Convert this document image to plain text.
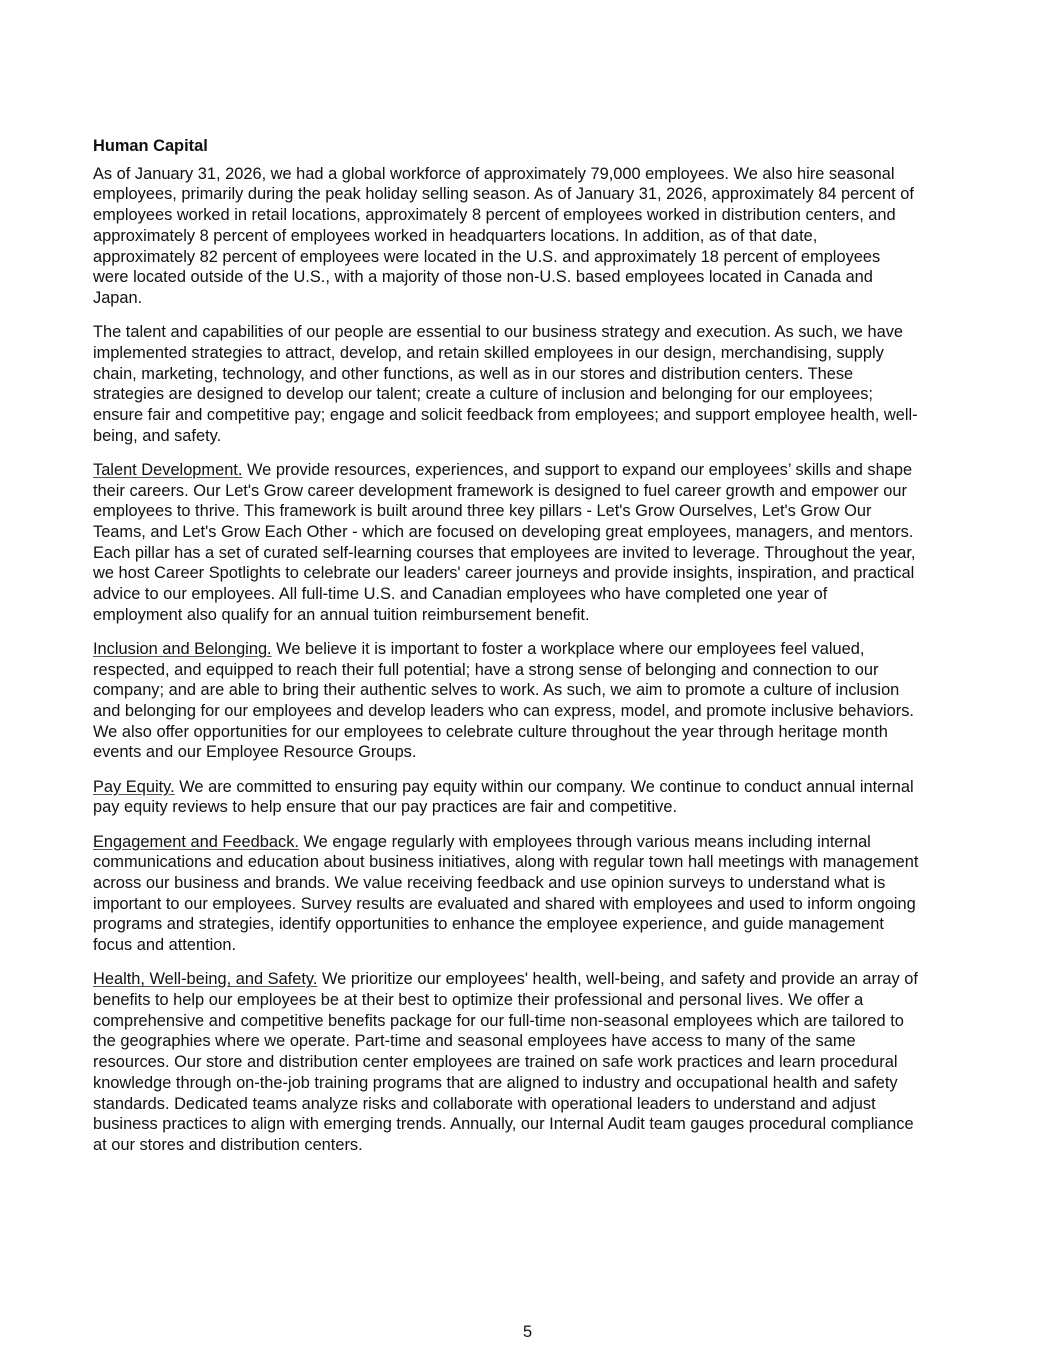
Human Capital
As of January 31, 2026, we had a global workforce of approximately 79,000 employees. We also hire seasonal
employees, primarily during the peak holiday selling season. As of January 31, 2026, approximately 84 percent of
employees worked in retail locations, approximately 8 percent of employees worked in distribution centers, and
approximately 8 percent of employees worked in headquarters locations. In addition, as of that date,
approximately 82 percent of employees were located in the U.S. and approximately 18 percent of employees
were located outside of the U.S., with a majority of those non-U.S. based employees located in Canada and
Japan.
The talent and capabilities of our people are essential to our business strategy and execution. As such, we have
implemented strategies to attract, develop, and retain skilled employees in our design, merchandising, supply
chain, marketing, technology, and other functions, as well as in our stores and distribution centers. These
strategies are designed to develop our talent; create a culture of inclusion and belonging for our employees;
ensure fair and competitive pay; engage and solicit feedback from employees; and support employee health, well-
being, and safety.
Talent Development. We provide resources, experiences, and support to expand our employees’ skills and shape
their careers. Our Let's Grow career development framework is designed to fuel career growth and empower our
employees to thrive. This framework is built around three key pillars - Let's Grow Ourselves, Let's Grow Our
Teams, and Let's Grow Each Other - which are focused on developing great employees, managers, and mentors.
Each pillar has a set of curated self-learning courses that employees are invited to leverage. Throughout the year,
we host Career Spotlights to celebrate our leaders' career journeys and provide insights, inspiration, and practical
advice to our employees. All full-time U.S. and Canadian employees who have completed one year of
employment also qualify for an annual tuition reimbursement benefit.
Inclusion and Belonging. We believe it is important to foster a workplace where our employees feel valued,
respected, and equipped to reach their full potential; have a strong sense of belonging and connection to our
company; and are able to bring their authentic selves to work. As such, we aim to promote a culture of inclusion
and belonging for our employees and develop leaders who can express, model, and promote inclusive behaviors.
We also offer opportunities for our employees to celebrate culture throughout the year through heritage month
events and our Employee Resource Groups.
Pay Equity. We are committed to ensuring pay equity within our company. We continue to conduct annual internal
pay equity reviews to help ensure that our pay practices are fair and competitive.
Engagement and Feedback. We engage regularly with employees through various means including internal
communications and education about business initiatives, along with regular town hall meetings with management
across our business and brands. We value receiving feedback and use opinion surveys to understand what is
important to our employees. Survey results are evaluated and shared with employees and used to inform ongoing
programs and strategies, identify opportunities to enhance the employee experience, and guide management
focus and attention.
Health, Well-being, and Safety. We prioritize our employees' health, well-being, and safety and provide an array of
benefits to help our employees be at their best to optimize their professional and personal lives. We offer a
comprehensive and competitive benefits package for our full-time non-seasonal employees which are tailored to
the geographies where we operate. Part-time and seasonal employees have access to many of the same
resources. Our store and distribution center employees are trained on safe work practices and learn procedural
knowledge through on-the-job training programs that are aligned to industry and occupational health and safety
standards. Dedicated teams analyze risks and collaborate with operational leaders to understand and adjust
business practices to align with emerging trends. Annually, our Internal Audit team gauges procedural compliance
at our stores and distribution centers.
5
